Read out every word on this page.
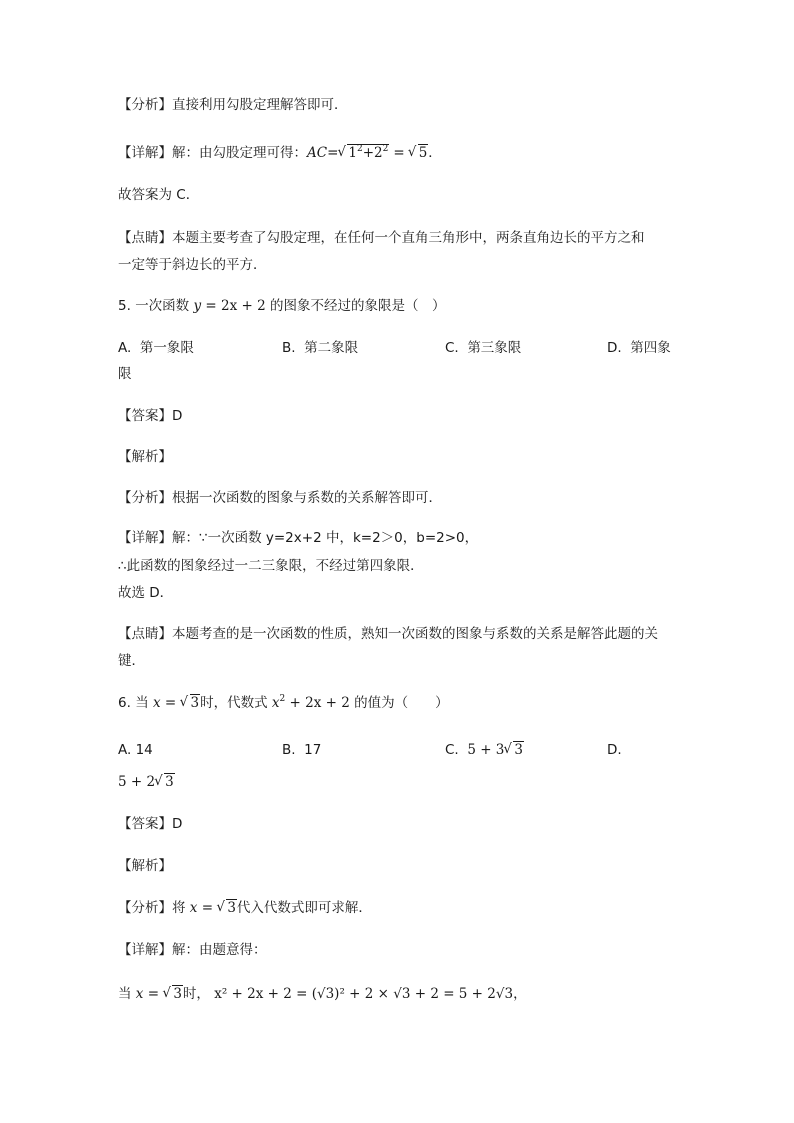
【分析】直接利用勾股定理解答即可．
【详解】解：由勾股定理可得：AC= √ $1^2+2^2$ = √ 5．
故答案为 C．
【点睛】本题主要考查了勾股定理，在任何一个直角三角形中，两条直角边长的平方之和
一定等于斜边长的平方．
5. 一次函数 y = 2x + 2 的图象不经过的象限是（　）
A. 第一象限	B. 第二象限	C. 第三象限	D. 第四象
限
【答案】D
【解析】
【分析】根据一次函数的图象与系数的关系解答即可．
【详解】解：∵一次函数 y=2x+2 中，k=2＞0，b=2>0，
∴此函数的图象经过一二三象限，不经过第四象限．
故选 D．
【点睛】本题考查的是一次函数的性质，熟知一次函数的图象与系数的关系是解答此题的关
键．
6. 当 x = √ 3时，代数式 $x^2 + 2x + 2$ 的值为（　　）
A. 14	B. 17	C. 5 + 3 √ 3	D.
5 + 2 √ 3
【答案】D
【解析】
【分析】将 x = √ 3代入代数式即可求解．
【详解】解：由题意得：
当 x = √ 3时， x² + 2x + 2 = (√3)² + 2 × √3 + 2 = 5 + 2√3，
